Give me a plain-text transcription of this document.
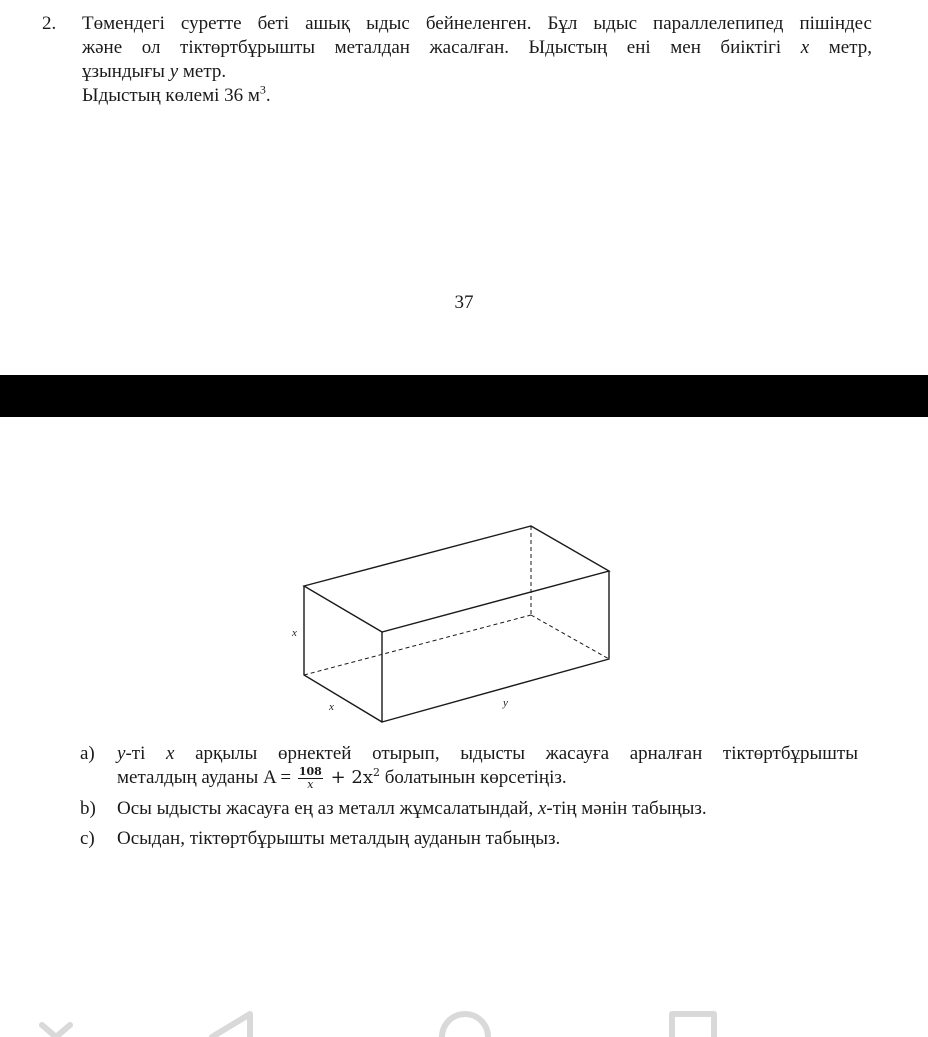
2. Төмендегі суретте беті ашық ыдыс бейнеленген. Бұл ыдыс параллелепипед пішіндес
және ол тіктөртбұрышты металдан жасалған. Ыдыстың ені мен биіктігі x метр,
ұзындығы y метр.
Ыдыстың көлемі 36 $м^3$.
37
x
x	y
a) y-ті x арқылы өрнектей отырып, ыдысты жасауға арналған тіктөртбұрышты
металдың ауданы $A = \frac{108}{x} + 2x^2$ болатынын көрсетіңіз.
b) Осы ыдысты жасауға ең аз металл жұмсалатындай, x-тің мәнін табыңыз.
c) Осыдан, тіктөртбұрышты металдың ауданын табыңыз.
